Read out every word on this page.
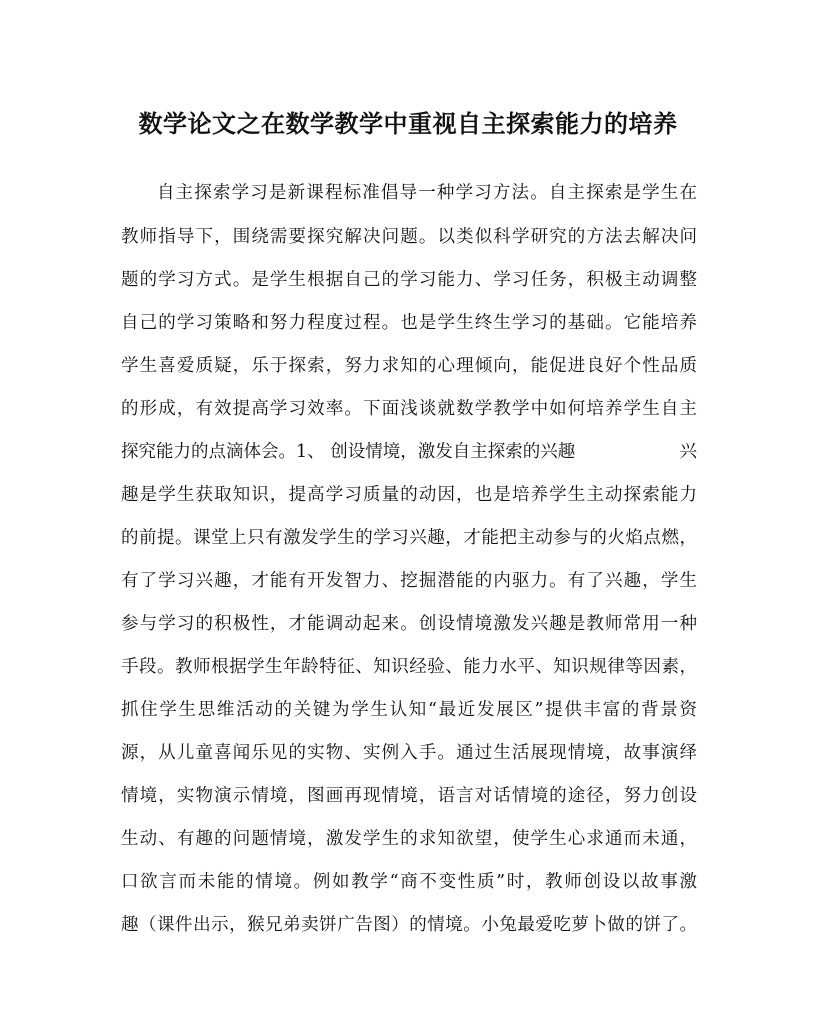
数学论文之在数学教学中重视自主探索能力的培养
自主探索学习是新课程标准倡导一种学习方法。自主探索是学生在
教师指导下，围绕需要探究解决问题。以类似科学研究的方法去解决问
题的学习方式。是学生根据自己的学习能力、学习任务，积极主动调整
自己的学习策略和努力程度过程。也是学生终生学习的基础。它能培养
学生喜爱质疑，乐于探索，努力求知的心理倾向，能促进良好个性品质
的形成，有效提高学习效率。下面浅谈就数学教学中如何培养学生自主
探究能力的点滴体会。1、 创设情境，激发自主探索的兴趣	兴
趣是学生获取知识，提高学习质量的动因，也是培养学生主动探索能力
的前提。课堂上只有激发学生的学习兴趣，才能把主动参与的火焰点燃，
有了学习兴趣，才能有开发智力、挖掘潜能的内驱力。有了兴趣，学生
参与学习的积极性，才能调动起来。创设情境激发兴趣是教师常用一种
手段。教师根据学生年龄特征、知识经验、能力水平、知识规律等因素，
抓住学生思维活动的关键为学生认知“最近发展区”提供丰富的背景资
源，从儿童喜闻乐见的实物、实例入手。通过生活展现情境，故事演绎
情境，实物演示情境，图画再现情境，语言对话情境的途径，努力创设
生动、有趣的问题情境，激发学生的求知欲望，使学生心求通而未通，
口欲言而未能的情境。例如教学“商不变性质”时，教师创设以故事激
趣（课件出示，猴兄弟卖饼广告图）的情境。小兔最爱吃萝卜做的饼了。
